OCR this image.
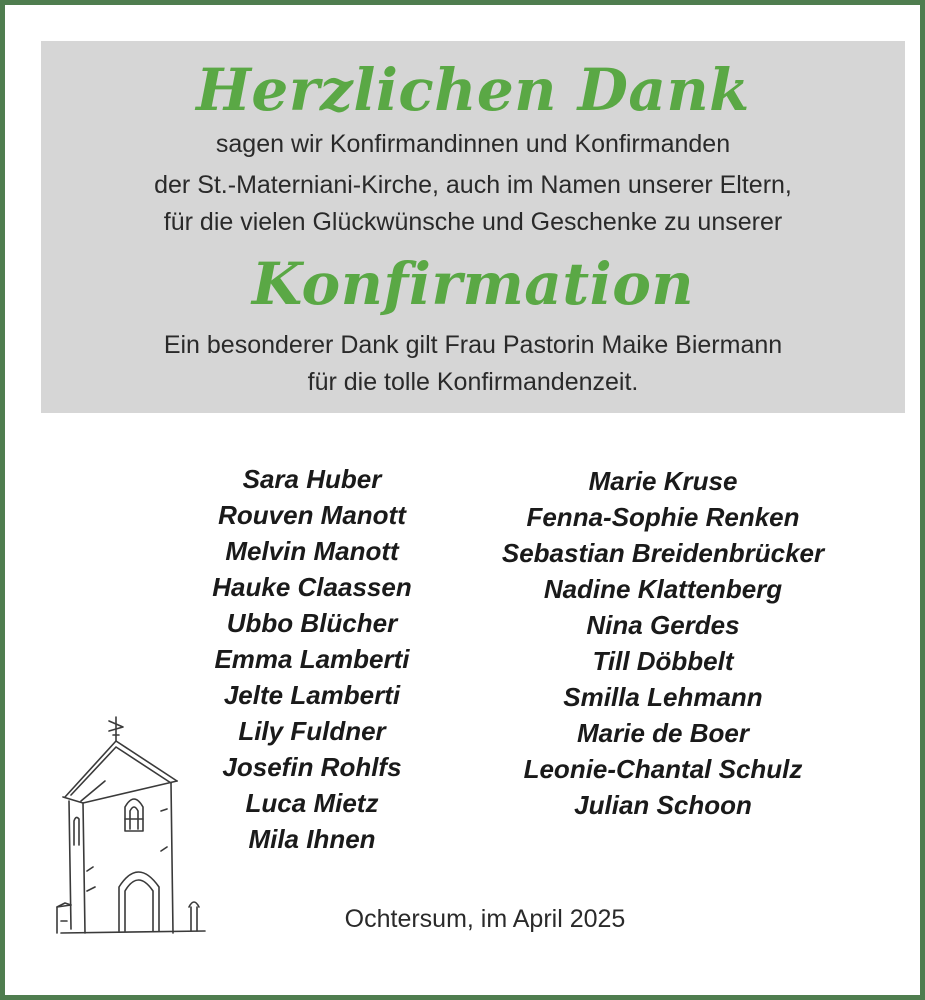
Herzlichen Dank
sagen wir Konfirmandinnen und Konfirmanden
der St.-Materniani-Kirche, auch im Namen unserer Eltern,
für die vielen Glückwünsche und Geschenke zu unserer
Konfirmation
Ein besonderer Dank gilt Frau Pastorin Maike Biermann
für die tolle Konfirmandenzeit.
Sara Huber
Rouven Manott
Melvin Manott
Hauke Claassen
Ubbo Blücher
Emma Lamberti
Jelte Lamberti
Lily Fuldner
Josefin Rohlfs
Luca Mietz
Mila Ihnen
Marie Kruse
Fenna-Sophie Renken
Sebastian Breidenbrücker
Nadine Klattenberg
Nina Gerdes
Till Döbbelt
Smilla Lehmann
Marie de Boer
Leonie-Chantal Schulz
Julian Schoon
Ochtersum, im April 2025
